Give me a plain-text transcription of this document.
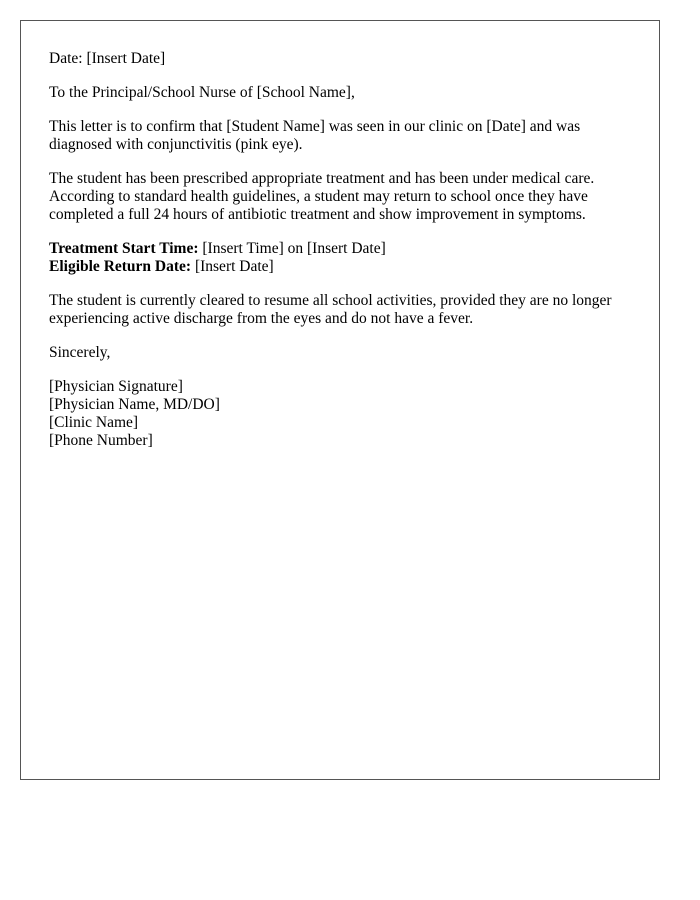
Date: [Insert Date]

To the Principal/School Nurse of [School Name],

This letter is to confirm that [Student Name] was seen in our clinic on [Date] and was diagnosed with conjunctivitis (pink eye).

The student has been prescribed appropriate treatment and has been under medical care. According to standard health guidelines, a student may return to school once they have completed a full 24 hours of antibiotic treatment and show improvement in symptoms.

Treatment Start Time: [Insert Time] on [Insert Date]
Eligible Return Date: [Insert Date]

The student is currently cleared to resume all school activities, provided they are no longer experiencing active discharge from the eyes and do not have a fever.

Sincerely,

[Physician Signature]
[Physician Name, MD/DO]
[Clinic Name]
[Phone Number]
